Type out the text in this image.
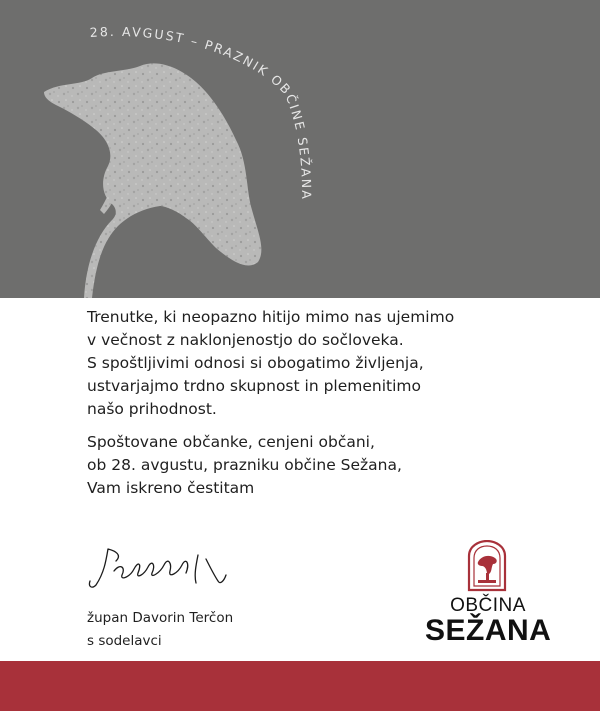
28. AVGUST – PRAZNIK OBČINE SEŽANA

Trenutke, ki neopazno hitijo mimo nas ujemimo
v večnost z naklonjenostjo do sočloveka.
S spoštljivimi odnosi si obogatimo življenja,
ustvarjajmo trdno skupnost in plemenitimo
našo prihodnost.

Spoštovane občanke, cenjeni občani,
ob 28. avgustu, prazniku občine Sežana,
Vam iskreno čestitam

župan Davorin Terčon
s sodelavci
OBČINA
SEŽANA
